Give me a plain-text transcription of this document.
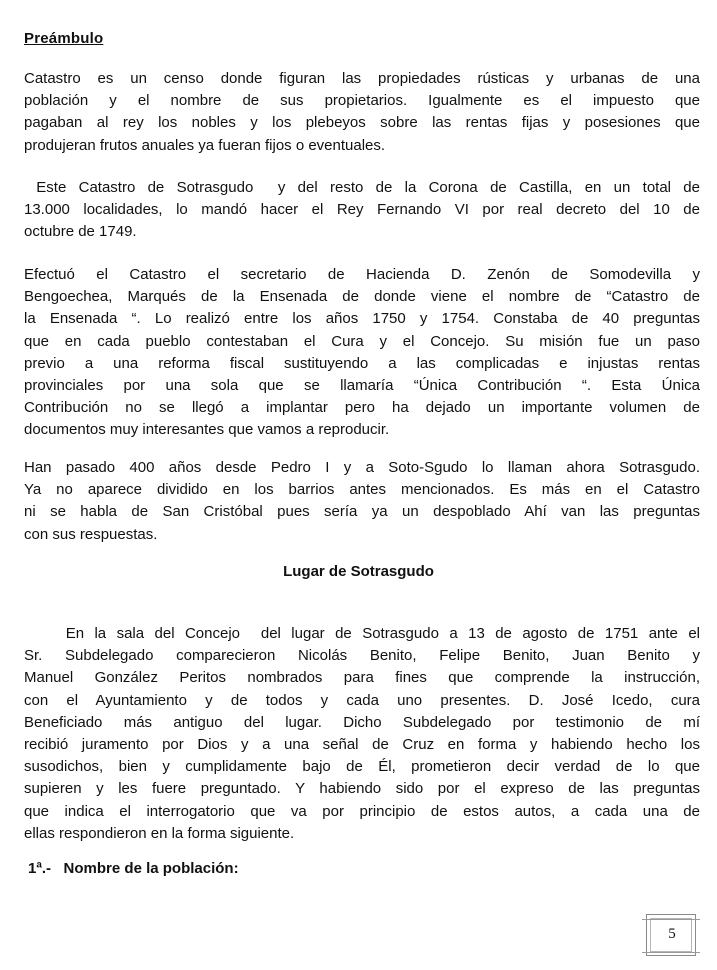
Preámbulo
Catastro es un censo donde figuran las propiedades rústicas y urbanas de una
población y el nombre de sus propietarios. Igualmente es el impuesto que
pagaban al rey los nobles y los plebeyos sobre las rentas fijas y posesiones que
produjeran frutos anuales ya fueran fijos o eventuales.
Este Catastro de Sotrasgudo  y del resto de la Corona de Castilla, en un total de
13.000 localidades, lo mandó hacer el Rey Fernando VI por real decreto del 10 de
octubre de 1749.
Efectuó el Catastro el secretario de Hacienda D. Zenón de Somodevilla y
Bengoechea, Marqués de la Ensenada de donde viene el nombre de “Catastro de
la Ensenada “. Lo realizó entre los años 1750 y 1754. Constaba de 40 preguntas
que en cada pueblo contestaban el Cura y el Concejo. Su misión fue un paso
previo a una reforma fiscal sustituyendo a las complicadas e injustas rentas
provinciales por una sola que se llamaría “Única Contribución “. Esta Única
Contribución no se llegó a implantar pero ha dejado un importante volumen de
documentos muy interesantes que vamos a reproducir.
Han pasado 400 años desde Pedro I y a Soto-Sgudo lo llaman ahora Sotrasgudo.
Ya no aparece dividido en los barrios antes mencionados. Es más en el Catastro
ni se habla de San Cristóbal pues sería ya un despoblado Ahí van las preguntas
con sus respuestas.
Lugar de Sotrasgudo
En la sala del Concejo  del lugar de Sotrasgudo a 13 de agosto de 1751 ante el
Sr. Subdelegado comparecieron Nicolás Benito, Felipe Benito, Juan Benito y
Manuel González Peritos nombrados para fines que comprende la instrucción,
con el Ayuntamiento y de todos y cada uno presentes. D. José Icedo, cura
Beneficiado más antiguo del lugar. Dicho Subdelegado por testimonio de mí
recibió juramento por Dios y a una señal de Cruz en forma y habiendo hecho los
susodichos, bien y cumplidamente bajo de Él, prometieron decir verdad de lo que
supieren y les fuere preguntado. Y habiendo sido por el expreso de las preguntas
que indica el interrogatorio que va por principio de estos autos, a cada una de
ellas respondieron en la forma siguiente.
1ª.-   Nombre de la población:
5
